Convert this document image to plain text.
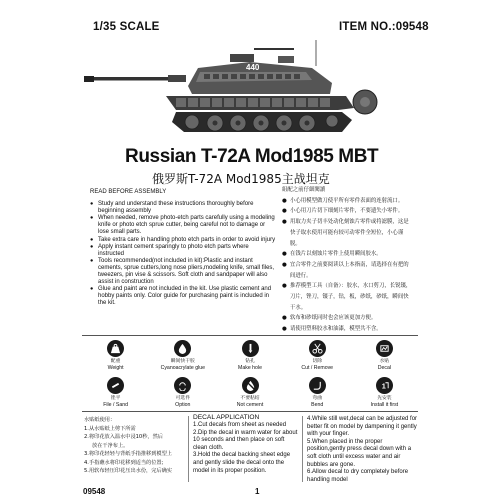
1/35 SCALE	ITEM NO.:09548
440
Russian T-72A Mod1985 MBT
俄罗斯T-72A Mod1985主战坦克
READ BEFORE ASSEMBLY
● Study and understand these instructions thoroughly before beginning assembly
● When needed, remove photo-etch parts carefully using a modeling knife or photo etch sprue cutter, being careful not to damage or lose small parts.
● Take extra care in handling photo etch parts in order to avoid injury
● Apply instant cement sparingly to photo etch parts where instructed
● Tools recommended(not included in kit):Plastic and instant cements, sprue cutters,long nose pliers,modeling knife, small files, tweezers, pin vise & scissors. Soft cloth and sandpaper will also assist in construction
● Glue and paint are not included in the kit. Use plastic cement and hobby paints only. Color guide for purchasing paint is included in the kit.
組配之前仔細閱讀
● 小心用模型做刀使平所有零件表面的连射流口。
● 小心用刀片切下细刻片零件，不要遗失小零件。
● 用取力夹子切丰处动化刻蚀片零件或将滤膜，这是快子取水使用可能有较可动零件全短位，小心谨脱。
● 在钱片以刻蚀片零件上使用瞬间胶水。
● 宜合零件之前要阅读以上本指南，请选择在有把的间进行。
● 推荐模型工具（自备）：胶水，水口剪刀，长锐镊，刀片，锉刀，镊子，钻，板，砂纸，砂纸，瞬间快干水。
● 软布和砂纸同时也会应该更加方便。
● 请使用塑料胶水和油漆，模型共不含。
配重
Weight
瞬间快干胶
Cyanoacrylate glue
钻孔
Make hole
切除
Cut / Remove
水贴
Decal
锉平
File / Sand
可选件
Option
不要粘结
Not cement
弯曲
Bend
1
先安装
Install it first
水贴纸使用：
1.从水贴纸上剪下所需
2.将印花放入温水中浸10秒，然后
放在干净布上。
3.将印花轻轻与背纸手指推移到模型上
4.手指蘸水将印花移到适当的位置;
5.用软布轻压印花压出水份，完后确实
DECAL APPLICATION
1.Cut decals from sheet as needed
2.Dip the decal in warm water for about 10 seconds and then place on soft clean cloth.
3.Hold the decal backing sheet edge and gently slide the decal onto the model in its proper position.
4.While still wet,decal can be adjusted for better fit on model by dampening it gently with your finger.
5.When placed in the proper position,gently press decal down with a soft cloth until excess water and air bubbles are gone.
6.Allow decal to dry completely before handling model
09548	1
